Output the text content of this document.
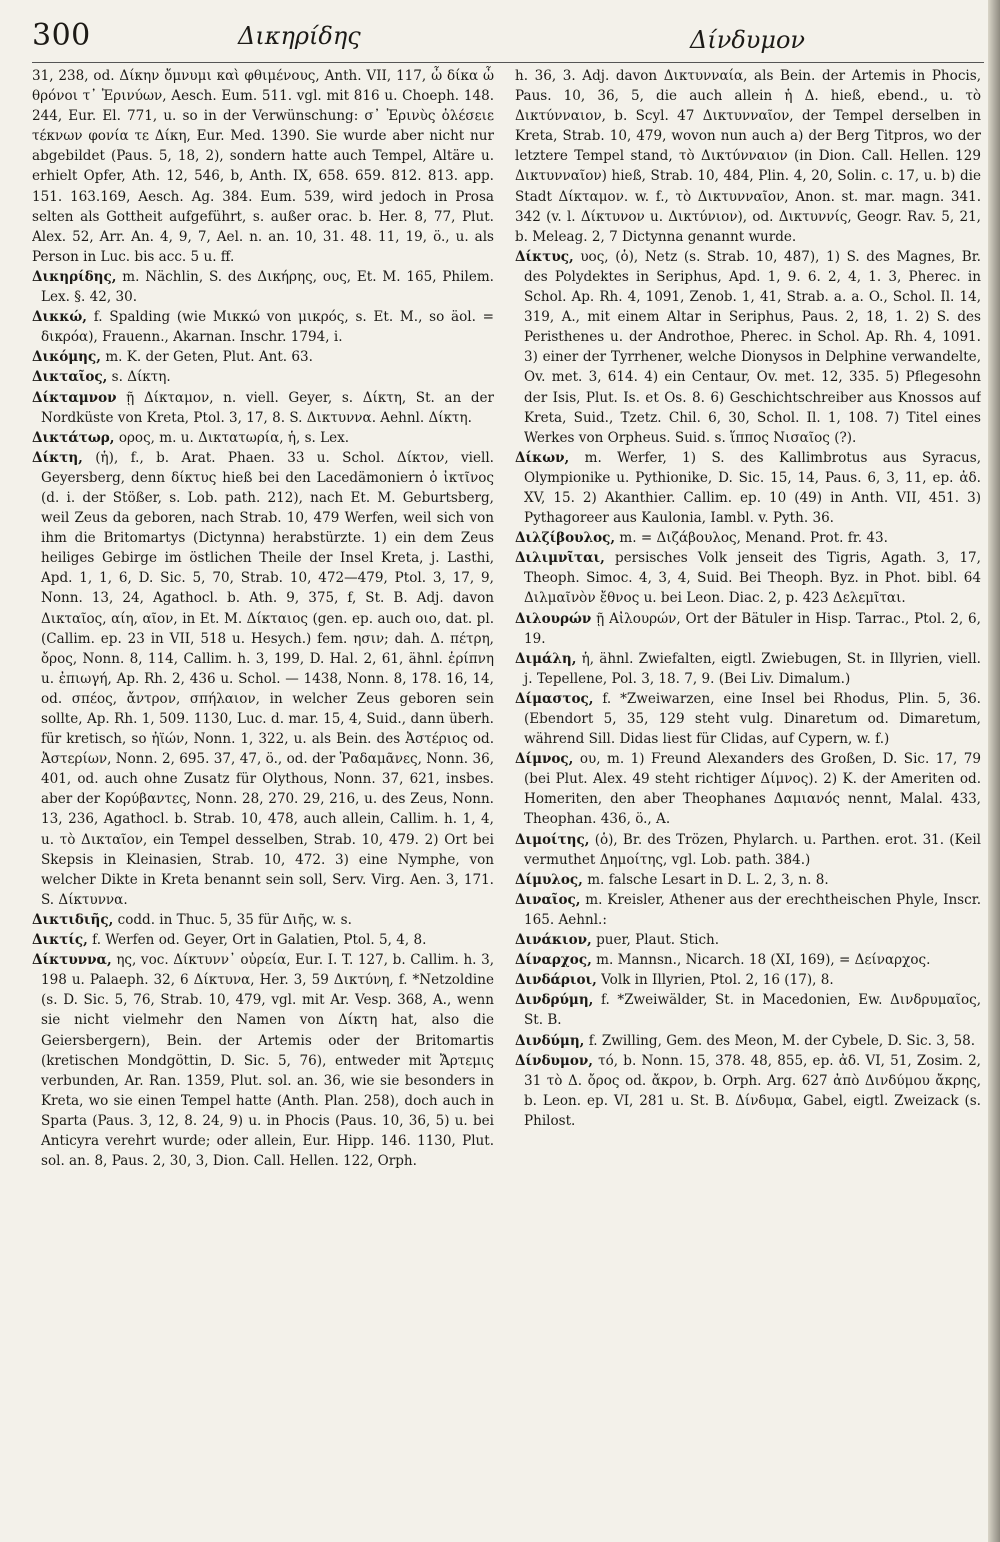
300	Δικηρίδης	Δίνδυμον

31, 238, od. Δίκην ὄμνυμι καὶ φθιμένους, Anth. VII, 117, ὦ δίκα ὦ θρόνοι τ᾽ Ἐρινύων, Aesch. Eum. 511. vgl. mit 816 u. Choeph. 148. 244, Eur. El. 771, u. so in der Verwünschung: σ᾽ Ἐρινὺς ὀλέσειε τέκνων φονία τε Δίκη, Eur. Med. 1390. Sie wurde aber nicht nur abgebildet (Paus. 5, 18, 2), sondern hatte auch Tempel, Altäre u. erhielt Opfer, Ath. 12, 546, b, Anth. IX, 658. 659. 812. 813. app. 151. 163.169, Aesch. Ag. 384. Eum. 539, wird jedoch in Prosa selten als Gottheit aufgeführt, s. außer orac. b. Her. 8, 77, Plut. Alex. 52, Arr. An. 4, 9, 7, Ael. n. an. 10, 31. 48. 11, 19, ö., u. als Person in Luc. bis acc. 5 u. ff.

Δικηρίδης, m. Nächlin, S. des Δικήρης, ους, Et. M. 165, Philem. Lex. §. 42, 30.

Δικκώ, f. Spalding (wie Μικκώ von μικρός, s. Et. M., so äol. = δικρόα), Frauenn., Akarnan. Inschr. 1794, i.

Δικόμης, m. K. der Geten, Plut. Ant. 63.

Δικταῖος, s. Δίκτη.

Δίκταμνον ῇ Δίκταμον, n. viell. Geyer, s. Δίκτη, St. an der Nordküste von Kreta, Ptol. 3, 17, 8. S. Δικτυννα. Aehnl. Δίκτη.

Δικτάτωρ, ορος, m. u. Δικτατωρία, ἡ, s. Lex.

Δίκτη, (ἡ), f., b. Arat. Phaen. 33 u. Schol. Δίκτον, viell. Geyersberg, denn δίκτυς hieß bei den Lacedämoniern ὁ ἰκτῖνος (d. i. der Stößer, s. Lob. path. 212), nach Et. M. Geburtsberg, weil Zeus da geboren, nach Strab. 10, 479 Werfen, weil sich von ihm die Britomartys (Dictynna) herabstürzte. 1) ein dem Zeus heiliges Gebirge im östlichen Theile der Insel Kreta, j. Lasthi, Apd. 1, 1, 6, D. Sic. 5, 70, Strab. 10, 472—479, Ptol. 3, 17, 9, Nonn. 13, 24, Agathocl. b. Ath. 9, 375, f, St. B. Adj. davon Δικταῖος, αίη, αῖον, in Et. M. Δίκταιος (gen. ep. auch οιο, dat. pl. (Callim. ep. 23 in VII, 518 u. Hesych.) fem. ησιν; dah. Δ. πέτρη, ὄρος, Nonn. 8, 114, Callim. h. 3, 199, D. Hal. 2, 61, ähnl. ἑρίπνη u. ἐπιωγή, Ap. Rh. 2, 436 u. Schol. — 1438, Nonn. 8, 178. 16, 14, od. σπέος, ἄντρον, σπήλαιον, in welcher Zeus geboren sein sollte, Ap. Rh. 1, 509. 1130, Luc. d. mar. 15, 4, Suid., dann überh. für kretisch, so ἠϊών, Nonn. 1, 322, u. als Bein. des Ἀστέριος od. Ἀστερίων, Nonn. 2, 695. 37, 47, ö., od. der Ῥαδαμᾶνες, Nonn. 36, 401, od. auch ohne Zusatz für Olythous, Nonn. 37, 621, insbes. aber der Κορύβαντες, Nonn. 28, 270. 29, 216, u. des Zeus, Nonn. 13, 236, Agathocl. b. Strab. 10, 478, auch allein, Callim. h. 1, 4, u. τὸ Δικταῖον, ein Tempel desselben, Strab. 10, 479. 2) Ort bei Skepsis in Kleinasien, Strab. 10, 472. 3) eine Nymphe, von welcher Dikte in Kreta benannt sein soll, Serv. Virg. Aen. 3, 171. S. Δίκτυννα.

Δικτιδιῆς, codd. in Thuc. 5, 35 für Διῆς, w. s.

Δικτίς, f. Werfen od. Geyer, Ort in Galatien, Ptol. 5, 4, 8.

Δίκτυννα, ης, voc. Δίκτυνν᾽ οὐρεία, Eur. I. T. 127, b. Callim. h. 3, 198 u. Palaeph. 32, 6 Δίκτυνα, Her. 3, 59 Δικτύνη, f. *Netzoldine (s. D. Sic. 5, 76, Strab. 10, 479, vgl. mit Ar. Vesp. 368, A., wenn sie nicht vielmehr den Namen von Δίκτη hat, also die Geiersbergern), Bein. der Artemis oder der Britomartis (kretischen Mondgöttin, D. Sic. 5, 76), entweder mit Ἄρτεμις verbunden, Ar. Ran. 1359, Plut. sol. an. 36, wie sie besonders in Kreta, wo sie einen Tempel hatte (Anth. Plan. 258), doch auch in Sparta (Paus. 3, 12, 8. 24, 9) u. in Phocis (Paus. 10, 36, 5) u. bei Anticyra verehrt wurde; oder allein, Eur. Hipp. 146. 1130, Plut. sol. an. 8, Paus. 2, 30, 3, Dion. Call. Hellen. 122, Orph.

h. 36, 3. Adj. davon Δικτυνναία, als Bein. der Artemis in Phocis, Paus. 10, 36, 5, die auch allein ἡ Δ. hieß, ebend., u. τὸ Δικτύνναιον, b. Scyl. 47 Δικτυνναῖον, der Tempel derselben in Kreta, Strab. 10, 479, wovon nun auch a) der Berg Titpros, wo der letztere Tempel stand, τὸ Δικτύνναιον (in Dion. Call. Hellen. 129 Δικτυνναῖον) hieß, Strab. 10, 484, Plin. 4, 20, Solin. c. 17, u. b) die Stadt Δίκταμον. w. f., τὸ Δικτυνναῖον, Anon. st. mar. magn. 341. 342 (v. l. Δίκτυνον u. Δικτύνιον), od. Δικτυννίς, Geogr. Rav. 5, 21, b. Meleag. 2, 7 Dictynna genannt wurde.

Δίκτυς, υος, (ὁ), Netz (s. Strab. 10, 487), 1) S. des Magnes, Br. des Polydektes in Seriphus, Apd. 1, 9. 6. 2, 4, 1. 3, Pherec. in Schol. Ap. Rh. 4, 1091, Zenob. 1, 41, Strab. a. a. O., Schol. Il. 14, 319, A., mit einem Altar in Seriphus, Paus. 2, 18, 1. 2) S. des Peristhenes u. der Androthoe, Pherec. in Schol. Ap. Rh. 4, 1091. 3) einer der Tyrrhener, welche Dionysos in Delphine verwandelte, Ov. met. 3, 614. 4) ein Centaur, Ov. met. 12, 335. 5) Pflegesohn der Isis, Plut. Is. et Os. 8. 6) Geschichtschreiber aus Knossos auf Kreta, Suid., Tzetz. Chil. 6, 30, Schol. Il. 1, 108. 7) Titel eines Werkes von Orpheus. Suid. s. ἵππος Νισαῖος (?).

Δίκων, m. Werfer, 1) S. des Kallimbrotus aus Syracus, Olympionike u. Pythionike, D. Sic. 15, 14, Paus. 6, 3, 11, ep. ἀδ. XV, 15. 2) Akanthier. Callim. ep. 10 (49) in Anth. VII, 451. 3) Pythagoreer aus Kaulonia, Iambl. v. Pyth. 36.

Διλζίβουλος, m. = Διζάβουλος, Menand. Prot. fr. 43.

Διλιμνῖται, persisches Volk jenseit des Tigris, Agath. 3, 17, Theoph. Simoc. 4, 3, 4, Suid. Bei Theoph. Byz. in Phot. bibl. 64 Διλμαῖνὸν ἔθνος u. bei Leon. Diac. 2, p. 423 Δελεμῖται.

Διλουρών ῇ Αἰλουρών, Ort der Bätuler in Hisp. Tarrac., Ptol. 2, 6, 19.

Διμάλη, ἡ, ähnl. Zwiefalten, eigtl. Zwiebugen, St. in Illyrien, viell. j. Tepellene, Pol. 3, 18. 7, 9. (Bei Liv. Dimalum.)

Δίμαστος, f. *Zweiwarzen, eine Insel bei Rhodus, Plin. 5, 36. (Ebendort 5, 35, 129 steht vulg. Dinaretum od. Dimaretum, während Sill. Didas liest für Clidas, auf Cypern, w. f.)

Δίμνος, ου, m. 1) Freund Alexanders des Großen, D. Sic. 17, 79 (bei Plut. Alex. 49 steht richtiger Δίμνος). 2) K. der Ameriten od. Homeriten, den aber Theophanes Δαμιανός nennt, Malal. 433, Theophan. 436, ö., A.

Διμοίτης, (ὁ), Br. des Trözen, Phylarch. u. Parthen. erot. 31. (Keil vermuthet Δημοίτης, vgl. Lob. path. 384.)

Δίμυλος, m. falsche Lesart in D. L. 2, 3, n. 8.

Διναῖος, m. Kreisler, Athener aus der erechtheischen Phyle, Inscr. 165. Aehnl.:

Δινάκιον, puer, Plaut. Stich.

Δίναρχος, m. Mannsn., Nicarch. 18 (XI, 169), = Δείναρχος.

Δινδάριοι, Volk in Illyrien, Ptol. 2, 16 (17), 8.

Δινδρύμη, f. *Zweiwälder, St. in Macedonien, Ew. Δινδρυμαῖος, St. B.

Δινδύμη, f. Zwilling, Gem. des Meon, M. der Cybele, D. Sic. 3, 58.

Δίνδυμον, τό, b. Nonn. 15, 378. 48, 855, ep. ἀδ. VI, 51, Zosim. 2, 31 τὸ Δ. ὄρος od. ἄκρον, b. Orph. Arg. 627 ἀπὸ Δινδύμου ἄκρης, b. Leon. ep. VI, 281 u. St. B. Δίνδυμα, Gabel, eigtl. Zweizack (s. Philost.
